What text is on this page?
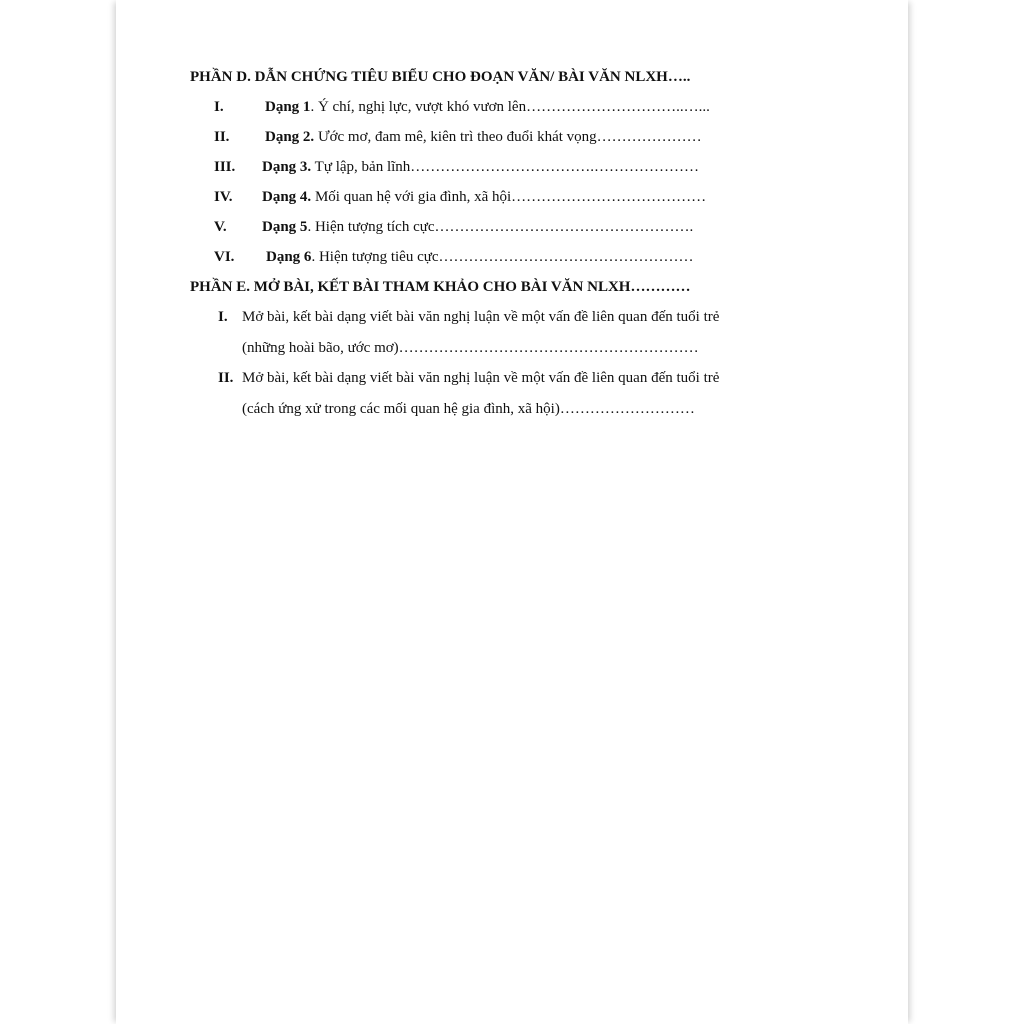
PHẦN D. DẪN CHỨNG TIÊU BIỂU CHO ĐOẠN VĂN/ BÀI VĂN NLXH…..
I.	Dạng 1. Ý chí, nghị lực, vượt khó vươn lên…………………………..…...
II. Dạng 2. Ước mơ, đam mê, kiên trì theo đuổi khát vọng…………………
III. Dạng 3. Tự lập, bản lĩnh……………………………….…………………
IV. Dạng 4. Mối quan hệ với gia đình, xã hội…………………………………
V. Dạng 5. Hiện tượng tích cực…………………………………………….
VI. Dạng 6. Hiện tượng tiêu cực……………………………………………
PHẦN E. MỞ BÀI, KẾT BÀI THAM KHẢO CHO BÀI VĂN NLXH…………
I. Mở bài, kết bài dạng viết bài văn nghị luận về một vấn đề liên quan đến tuổi trẻ
(những hoài bão, ước mơ)……………………………………………………
II. Mở bài, kết bài dạng viết bài văn nghị luận về một vấn đề liên quan đến tuổi trẻ
(cách ứng xử trong các mối quan hệ gia đình, xã hội)………………………
